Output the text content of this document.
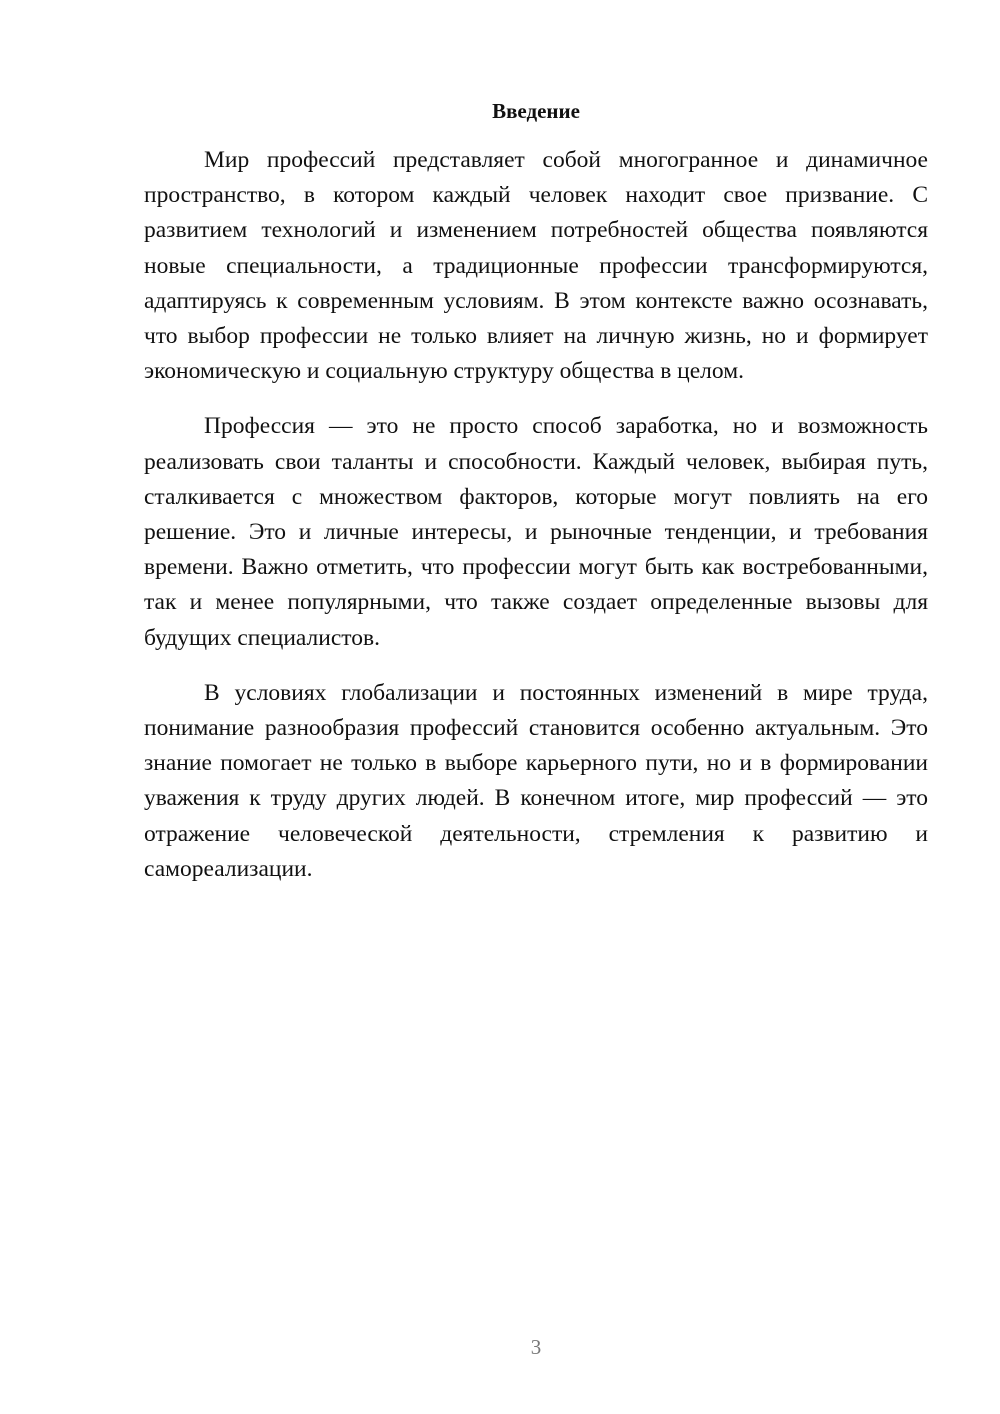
Введение

Мир профессий представляет собой многогранное и динамичное пространство, в котором каждый человек находит свое призвание. С развитием технологий и изменением потребностей общества появляются новые специальности, а традиционные профессии трансформируются, адаптируясь к современным условиям. В этом контексте важно осознавать, что выбор профессии не только влияет на личную жизнь, но и формирует экономическую и социальную структуру общества в целом.

Профессия — это не просто способ заработка, но и возможность реализовать свои таланты и способности. Каждый человек, выбирая путь, сталкивается с множеством факторов, которые могут повлиять на его решение. Это и личные интересы, и рыночные тенденции, и требования времени. Важно отметить, что профессии могут быть как востребованными, так и менее популярными, что также создает определенные вызовы для будущих специалистов.

В условиях глобализации и постоянных изменений в мире труда, понимание разнообразия профессий становится особенно актуальным. Это знание помогает не только в выборе карьерного пути, но и в формировании уважения к труду других людей. В конечном итоге, мир профессий — это отражение человеческой деятельности, стремления к развитию и самореализации.

3
